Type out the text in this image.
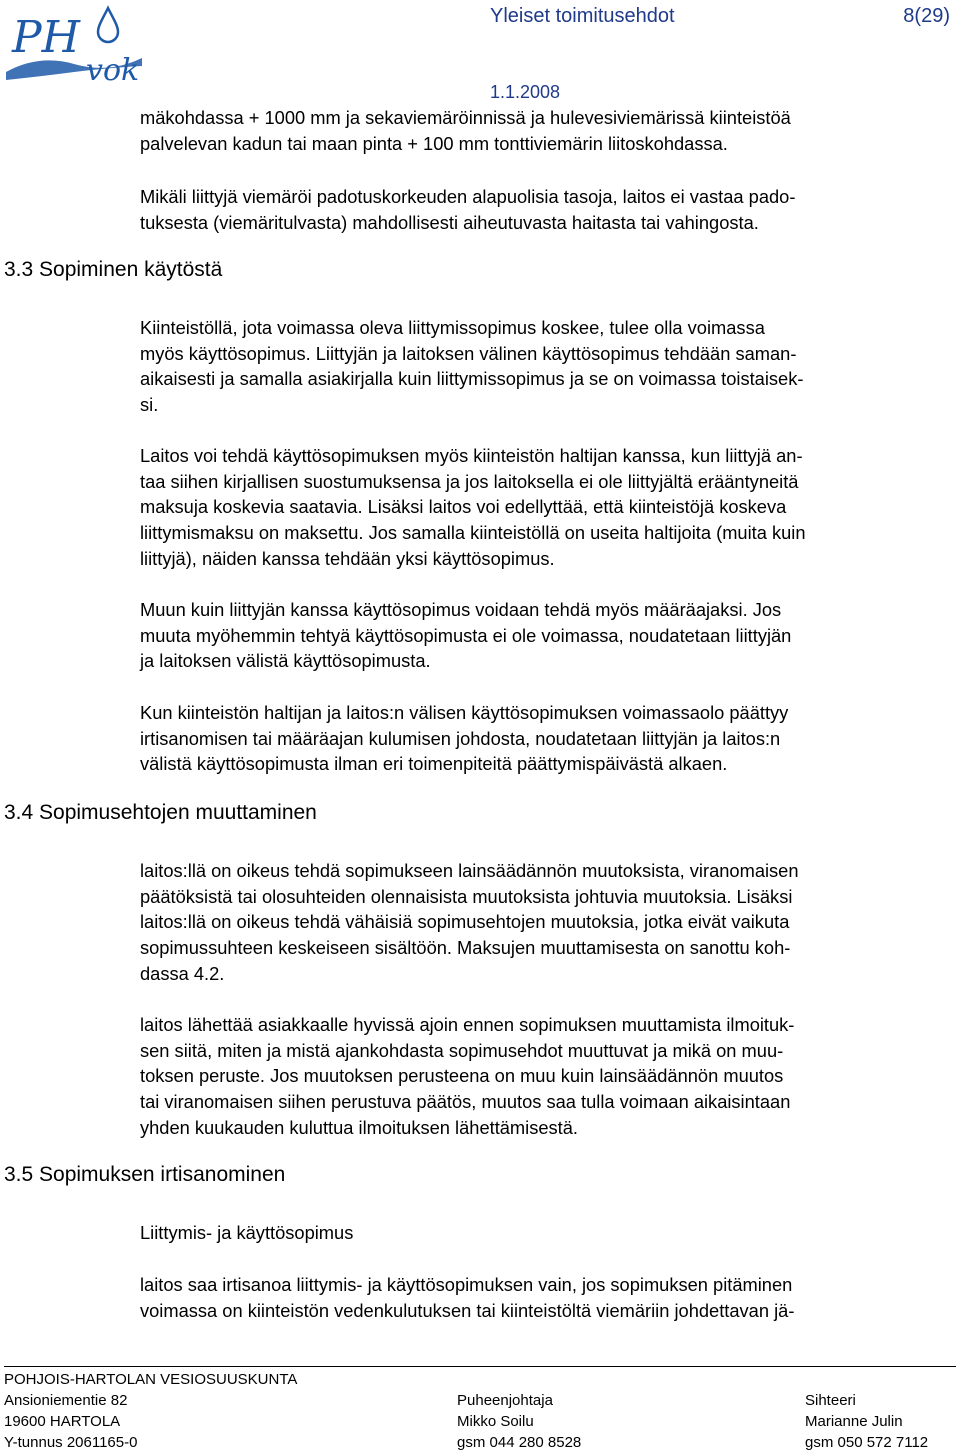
PH
vok
Yleiset toimitusehdot	8(29)
1.1.2008

mäkohdassa + 1000 mm ja sekaviemäröinnissä ja hulevesiviemärissä kiinteistöä
palvelevan kadun tai maan pinta + 100 mm tonttiviemärin liitoskohdassa.

Mikäli liittyjä viemäröi padotuskorkeuden alapuolisia tasoja, laitos ei vastaa pado-
tuksesta (viemäritulvasta) mahdollisesti aiheutuvasta haitasta tai vahingosta.

3.3 Sopiminen käytöstä

Kiinteistöllä, jota voimassa oleva liittymissopimus koskee, tulee olla voimassa
myös käyttösopimus. Liittyjän ja laitoksen välinen käyttösopimus tehdään saman-
aikaisesti ja samalla asiakirjalla kuin liittymissopimus ja se on voimassa toistaisek-
si.

Laitos voi tehdä käyttösopimuksen myös kiinteistön haltijan kanssa, kun liittyjä an-
taa siihen kirjallisen suostumuksensa ja jos laitoksella ei ole liittyjältä erääntyneitä
maksuja koskevia saatavia. Lisäksi laitos voi edellyttää, että kiinteistöjä koskeva
liittymismaksu on maksettu. Jos samalla kiinteistöllä on useita haltijoita (muita kuin
liittyjä), näiden kanssa tehdään yksi käyttösopimus.

Muun kuin liittyjän kanssa käyttösopimus voidaan tehdä myös määräajaksi. Jos
muuta myöhemmin tehtyä käyttösopimusta ei ole voimassa, noudatetaan liittyjän
ja laitoksen välistä käyttösopimusta.

Kun kiinteistön haltijan ja laitos:n välisen käyttösopimuksen voimassaolo päättyy
irtisanomisen tai määräajan kulumisen johdosta, noudatetaan liittyjän ja laitos:n
välistä käyttösopimusta ilman eri toimenpiteitä päättymispäivästä alkaen.

3.4 Sopimusehtojen muuttaminen

laitos:llä on oikeus tehdä sopimukseen lainsäädännön muutoksista, viranomaisen
päätöksistä tai olosuhteiden olennaisista muutoksista johtuvia muutoksia. Lisäksi
laitos:llä on oikeus tehdä vähäisiä sopimusehtojen muutoksia, jotka eivät vaikuta
sopimussuhteen keskeiseen sisältöön. Maksujen muuttamisesta on sanottu koh-
dassa 4.2.

laitos lähettää asiakkaalle hyvissä ajoin ennen sopimuksen muuttamista ilmoituk-
sen siitä, miten ja mistä ajankohdasta sopimusehdot muuttuvat ja mikä on muu-
toksen peruste. Jos muutoksen perusteena on muu kuin lainsäädännön muutos
tai viranomaisen siihen perustuva päätös, muutos saa tulla voimaan aikaisintaan
yhden kuukauden kuluttua ilmoituksen lähettämisestä.

3.5 Sopimuksen irtisanominen

Liittymis- ja käyttösopimus

laitos saa irtisanoa liittymis- ja käyttösopimuksen vain, jos sopimuksen pitäminen
voimassa on kiinteistön vedenkulutuksen tai kiinteistöltä viemäriin johdettavan jä-

POHJOIS-HARTOLAN VESIOSUUSKUNTA
Ansioniementie 82
19600 HARTOLA
Y-tunnus 2061165-0
Puheenjohtaja
Mikko Soilu
gsm 044 280 8528
Sihteeri
Marianne Julin
gsm 050 572 7112
